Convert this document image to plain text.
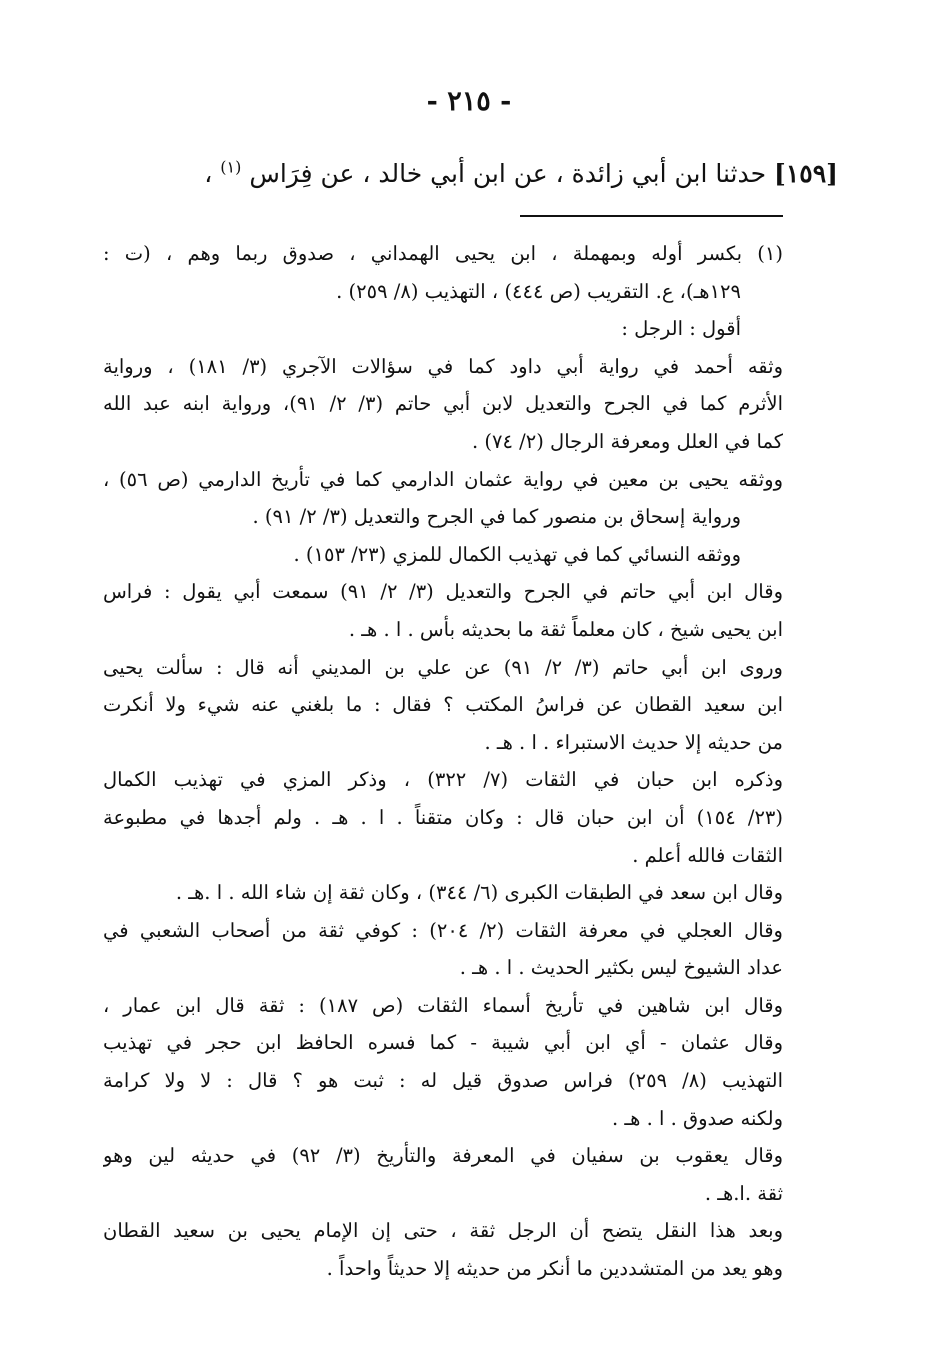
- ٢١٥ -
[١٥٩] حدثنا ابن أبي زائدة ، عن ابن أبي خالد ، عن فِرَاس $^{(١)}$ ،
(١) بكسر أوله وبمهملة ، ابن يحيى الهمداني ، صدوق ربما وهم ، (ت :
١٢٩هـ)، ع. التقريب (ص ٤٤٤) ، التهذيب (٨/ ٢٥٩) .
أقول : الرجل :
وثقه أحمد في رواية أبي داود كما في سؤالات الآجري (٣/ ١٨١) ، ورواية
الأثرم كما في الجرح والتعديل لابن أبي حاتم (٣/ ٢/ ٩١)، ورواية ابنه عبد الله
كما في العلل ومعرفة الرجال (٢/ ٧٤) .
ووثقه يحيى بن معين في رواية عثمان الدارمي كما في تأريخ الدارمي (ص ٥٦) ،
ورواية إسحاق بن منصور كما في الجرح والتعديل (٣/ ٢/ ٩١) .
ووثقه النسائي كما في تهذيب الكمال للمزي (٢٣/ ١٥٣) .
وقال ابن أبي حاتم في الجرح والتعديل (٣/ ٢/ ٩١) سمعت أبي يقول : فراس
ابن يحيى شيخ ، كان معلماً ثقة ما بحديثه بأس . ا . هـ .
وروى ابن أبي حاتم (٣/ ٢/ ٩١) عن علي بن المديني أنه قال : سألت يحيى
ابن سعيد القطان عن فراسُ المكتب ؟ فقال : ما بلغني عنه شيء ولا أنكرت
من حديثه إلا حديث الاستبراء . ا . هـ .
وذكره ابن حبان في الثقات (٧/ ٣٢٢) ، وذكر المزي في تهذيب الكمال
(٢٣/ ١٥٤) أن ابن حبان قال : وكان متقناً . ا . هـ . ولم أجدها في مطبوعة
الثقات فالله أعلم .
وقال ابن سعد في الطبقات الكبرى (٦/ ٣٤٤) ، وكان ثقة إن شاء الله . ا .هـ .
وقال العجلي في معرفة الثقات (٢/ ٢٠٤) : كوفي ثقة من أصحاب الشعبي في
عداد الشيوخ ليس بكثير الحديث . ا . هـ .
وقال ابن شاهين في تأريخ أسماء الثقات (ص ١٨٧) : ثقة قال ابن عمار ،
وقال عثمان - أي ابن أبي شيبة - كما فسره الحافظ ابن حجر في تهذيب
التهذيب (٨/ ٢٥٩) فراس صدوق قيل له : ثبت هو ؟ قال : لا ولا كرامة
ولكنه صدوق . ا . هـ .
وقال يعقوب بن سفيان في المعرفة والتأريخ (٣/ ٩٢) في حديثه لين وهو
ثقة .ا.هـ .
وبعد هذا النقل يتضح أن الرجل ثقة ، حتى إن الإمام يحيى بن سعيد القطان
وهو يعد من المتشددين ما أنكر من حديثه إلا حديثاً واحداً .
